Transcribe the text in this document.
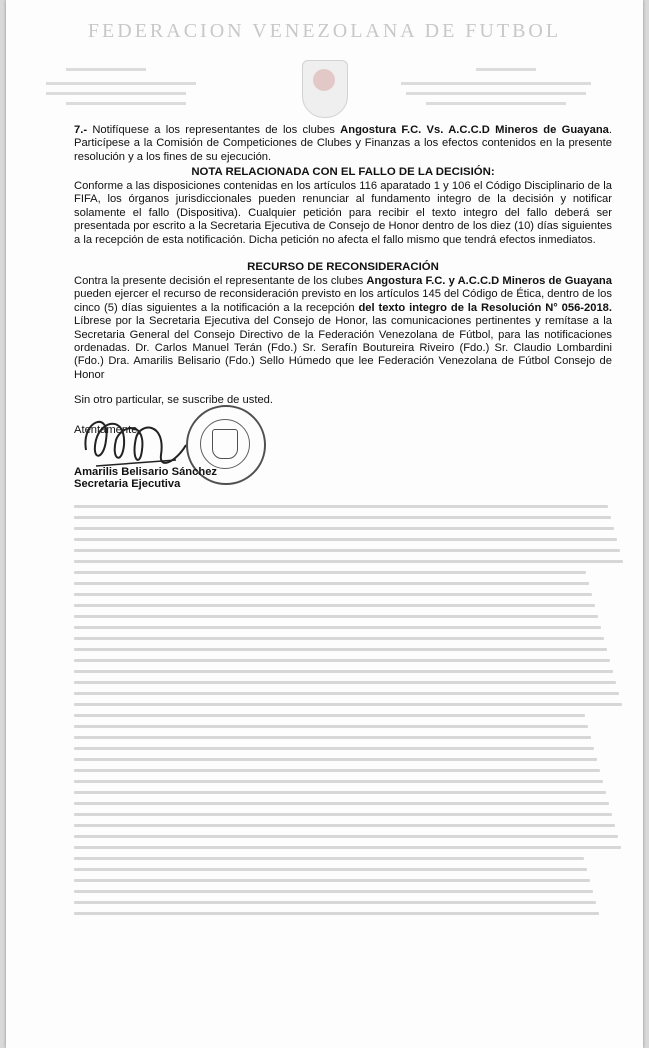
FEDERACION VENEZOLANA DE FUTBOL
7.- Notifíquese a los representantes de los clubes Angostura F.C. Vs. A.C.C.D Mineros de Guayana. Particípese a la Comisión de Competiciones de Clubes y Finanzas a los efectos contenidos en la presente resolución y a los fines de su ejecución.
NOTA RELACIONADA CON EL FALLO DE LA DECISIÓN:
Conforme a las disposiciones contenidas en los artículos 116 aparatado 1 y 106 el Código Disciplinario de la FIFA, los órganos jurisdiccionales pueden renunciar al fundamento integro de la decisión y notificar solamente el fallo (Dispositiva). Cualquier petición para recibir el texto integro del fallo deberá ser presentada por escrito a la Secretaria Ejecutiva de Consejo de Honor dentro de los diez (10) días siguientes a la recepción de esta notificación. Dicha petición no afecta el fallo mismo que tendrá efectos inmediatos.
RECURSO DE RECONSIDERACIÓN
Contra la presente decisión el representante de los clubes Angostura F.C. y A.C.C.D Mineros de Guayana pueden ejercer el recurso de reconsideración previsto en los artículos 145 del Código de Ética, dentro de los cinco (5) días siguientes a la notificación a la recepción del texto integro de la Resolución N° 056-2018. Líbrese por la Secretaria Ejecutiva del Consejo de Honor, las comunicaciones pertinentes y remítase a la Secretaria General del Consejo Directivo de la Federación Venezolana de Fútbol, para las notificaciones ordenadas. Dr. Carlos Manuel Terán (Fdo.) Sr. Serafín Boutureira Riveiro (Fdo.) Sr. Claudio Lombardini (Fdo.) Dra. Amarilis Belisario (Fdo.) Sello Húmedo que lee Federación Venezolana de Fútbol Consejo de Honor
Sin otro particular, se suscribe de usted.
Atentamente,
Amarilis Belisario Sánchez
Secretaria Ejecutiva
